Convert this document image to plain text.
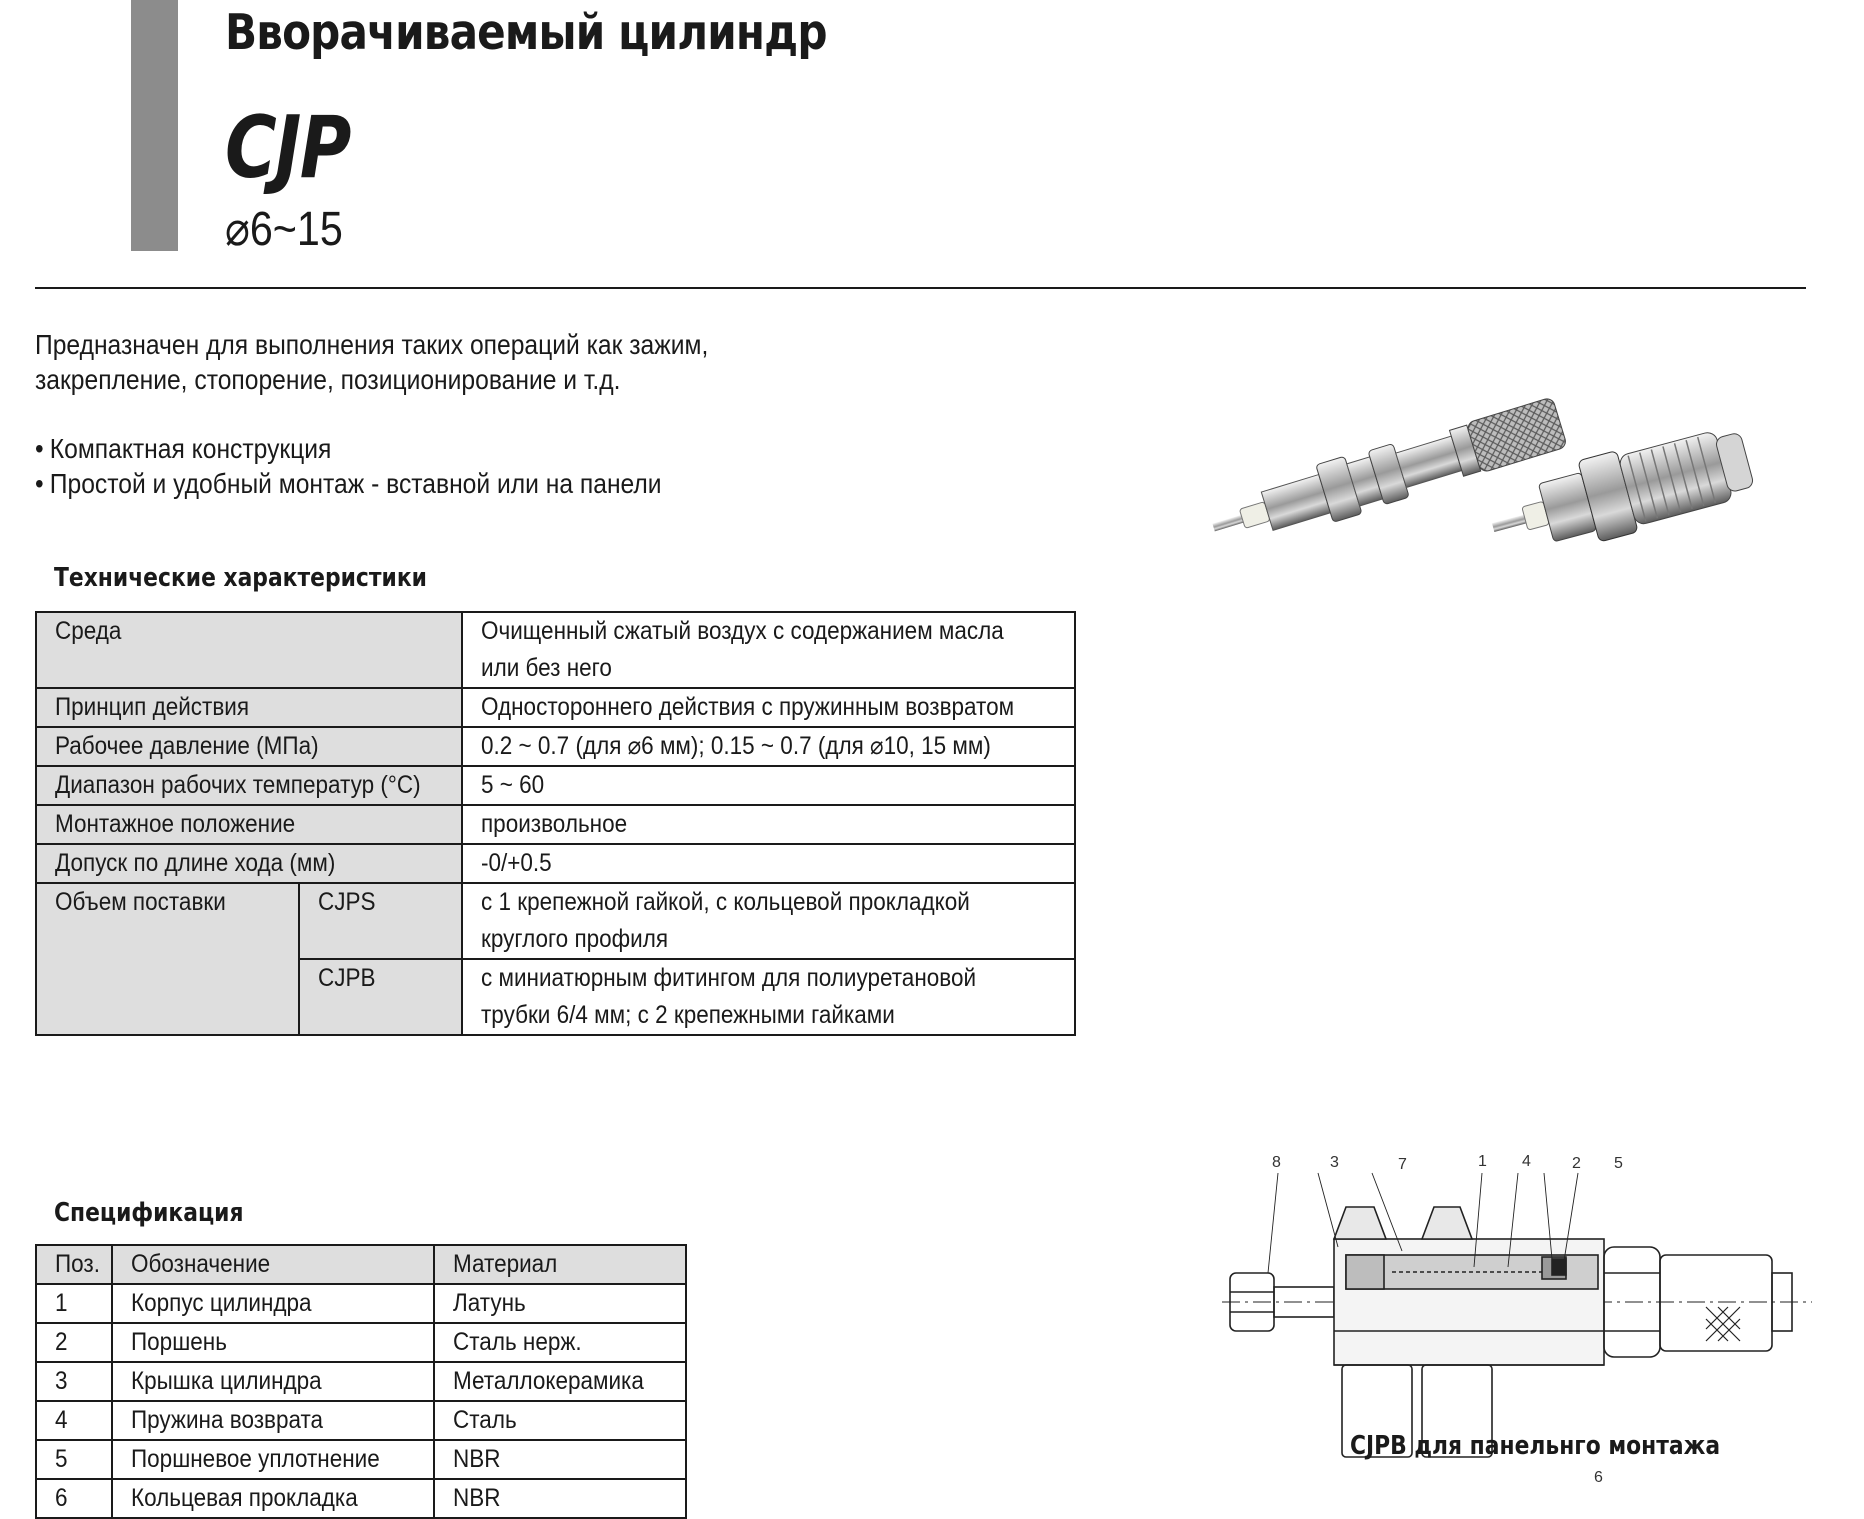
Вворачиваемый цилиндр
CJP
⌀6~15
Предназначен для выполнения таких операций как зажим,
закрепление, стопорение, позиционирование и т.д.
• Компактная конструкция
• Простой и удобный монтаж - вставной или на панели
Технические характеристики
Среда		Очищенный сжатый воздух с содержанием масла
или без него
Принцип действия		Одностороннего действия с пружинным возвратом
Рабочее давление (МПа)		0.2 ~ 0.7 (для ⌀6 мм); 0.15 ~ 0.7 (для ⌀10, 15 мм)
Диапазон рабочих температур (°C)		5 ~ 60
Монтажное положение		произвольное
Допуск по длине хода (мм)		-0/+0.5
Объем поставки	CJPS	с 1 крепежной гайкой, с кольцевой прокладкой
круглого профиля
	CJPB	с миниатюрным фитингом для полиуретановой
трубки 6/4 мм; с 2 крепежными гайками
Спецификация
Поз.	Обозначение	Материал
1	Корпус цилиндра	Латунь
2	Поршень	Сталь нерж.
3	Крышка цилиндра	Металлокерамика
4	Пружина возврата	Сталь
5	Поршневое уплотнение	NBR
6	Кольцевая прокладка	NBR
8	3	7	1 4	2 5
6
CJPB для панельнго монтажа
